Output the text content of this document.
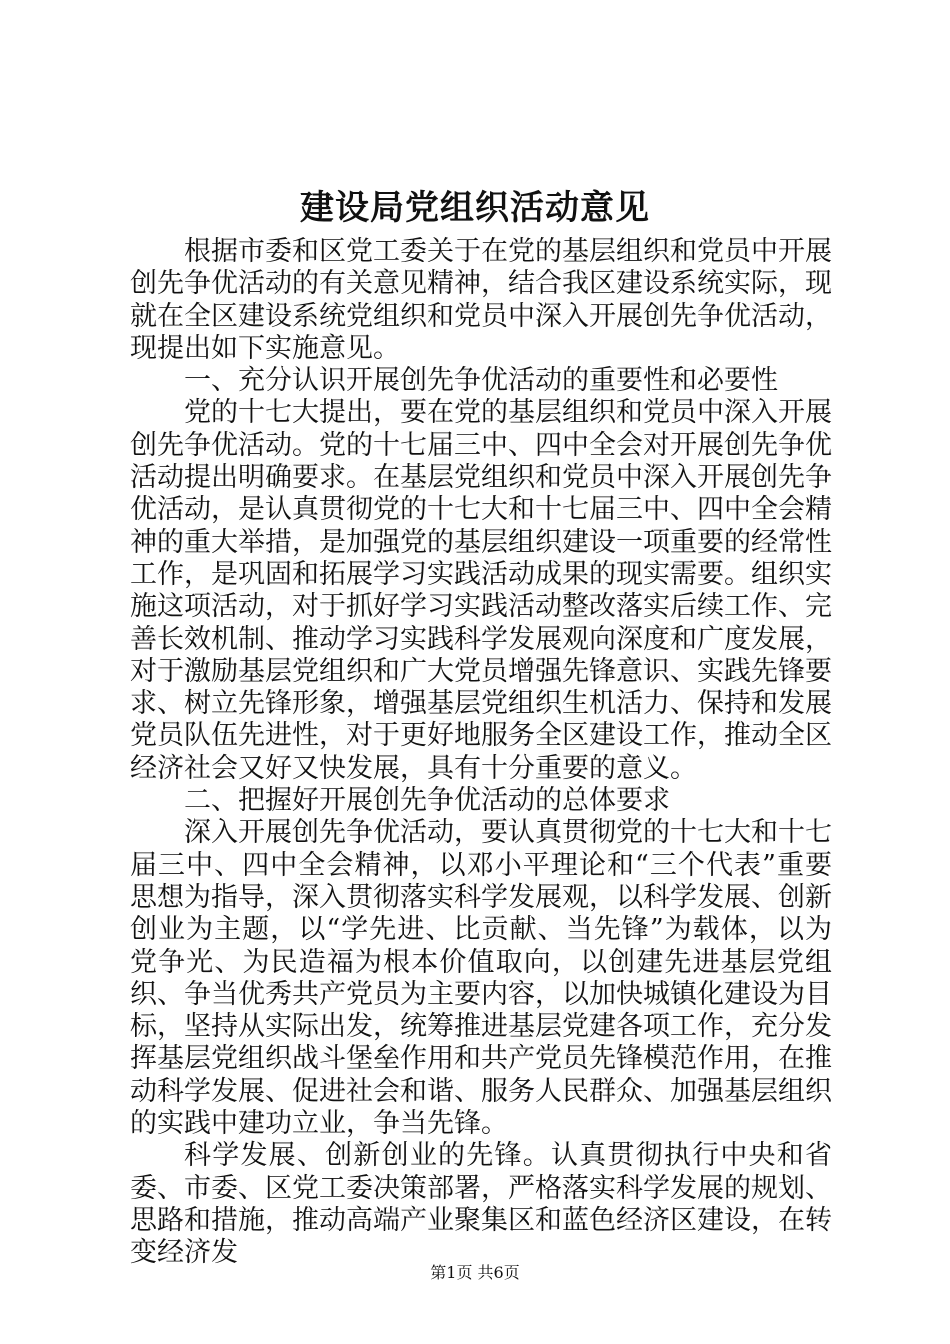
建设局党组织活动意见

根据市委和区党工委关于在党的基层组织和党员中开展创先争优活动的有关意见精神，结合我区建设系统实际，现就在全区建设系统党组织和党员中深入开展创先争优活动，现提出如下实施意见。

一、充分认识开展创先争优活动的重要性和必要性

党的十七大提出，要在党的基层组织和党员中深入开展创先争优活动。党的十七届三中、四中全会对开展创先争优活动提出明确要求。在基层党组织和党员中深入开展创先争优活动，是认真贯彻党的十七大和十七届三中、四中全会精神的重大举措，是加强党的基层组织建设一项重要的经常性工作，是巩固和拓展学习实践活动成果的现实需要。组织实施这项活动，对于抓好学习实践活动整改落实后续工作、完善长效机制、推动学习实践科学发展观向深度和广度发展，对于激励基层党组织和广大党员增强先锋意识、实践先锋要求、树立先锋形象，增强基层党组织生机活力、保持和发展党员队伍先进性，对于更好地服务全区建设工作，推动全区经济社会又好又快发展，具有十分重要的意义。

二、把握好开展创先争优活动的总体要求

深入开展创先争优活动，要认真贯彻党的十七大和十七届三中、四中全会精神，以邓小平理论和“三个代表”重要思想为指导，深入贯彻落实科学发展观，以科学发展、创新创业为主题，以“学先进、比贡献、当先锋”为载体，以为党争光、为民造福为根本价值取向，以创建先进基层党组织、争当优秀共产党员为主要内容，以加快城镇化建设为目标，坚持从实际出发，统筹推进基层党建各项工作，充分发挥基层党组织战斗堡垒作用和共产党员先锋模范作用，在推动科学发展、促进社会和谐、服务人民群众、加强基层组织的实践中建功立业，争当先锋。

科学发展、创新创业的先锋。认真贯彻执行中央和省委、市委、区党工委决策部署，严格落实科学发展的规划、思路和措施，推动高端产业聚集区和蓝色经济区建设，在转变经济发

第1页 共6页
